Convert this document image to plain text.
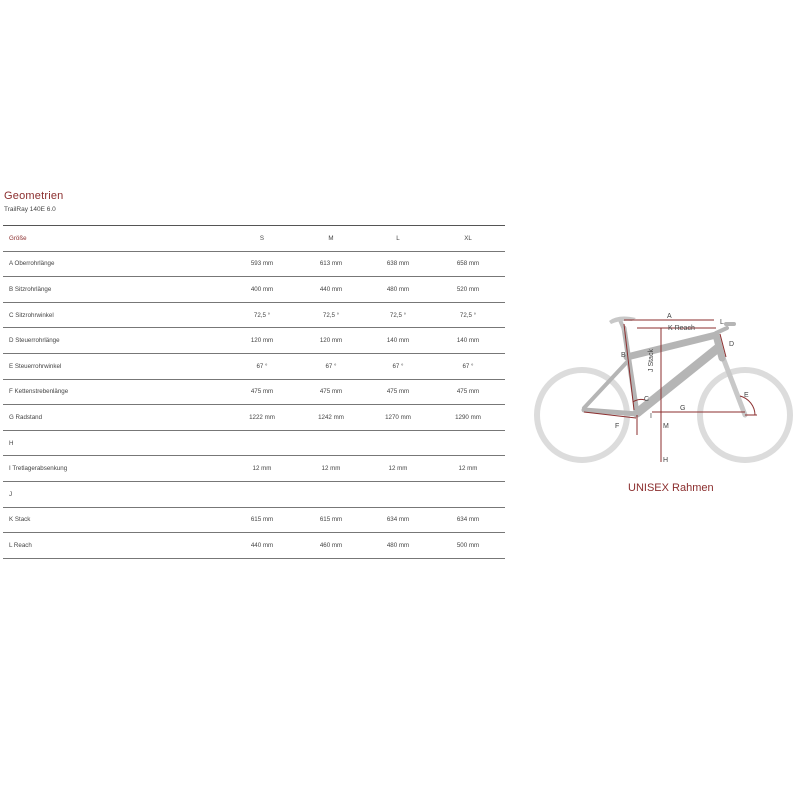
Geometrien
TrailRay 140E 6.0
Größe	S	M	L	XL
A Oberrohrlänge	593 mm	613 mm	638 mm	658 mm
B Sitzrohrlänge	400 mm	440 mm	480 mm	520 mm
C Sitzrohrwinkel	72,5 °	72,5 °	72,5 °	72,5 °
D Steuerrohrlänge	120 mm	120 mm	140 mm	140 mm
E Steuerrohrwinkel	67 °	67 °	67 °	67 °
F Kettenstrebenlänge	475 mm	475 mm	475 mm	475 mm
G Radstand	1222 mm	1242 mm	1270 mm	1290 mm
H				
I Tretlagerabsenkung	12 mm	12 mm	12 mm	12 mm
J				
K Stack	615 mm	615 mm	634 mm	634 mm
L Reach	440 mm	460 mm	480 mm	500 mm
A
K Reach
L
D
B	J Stack
C
G
E
F
I
M
H
UNISEX Rahmen
